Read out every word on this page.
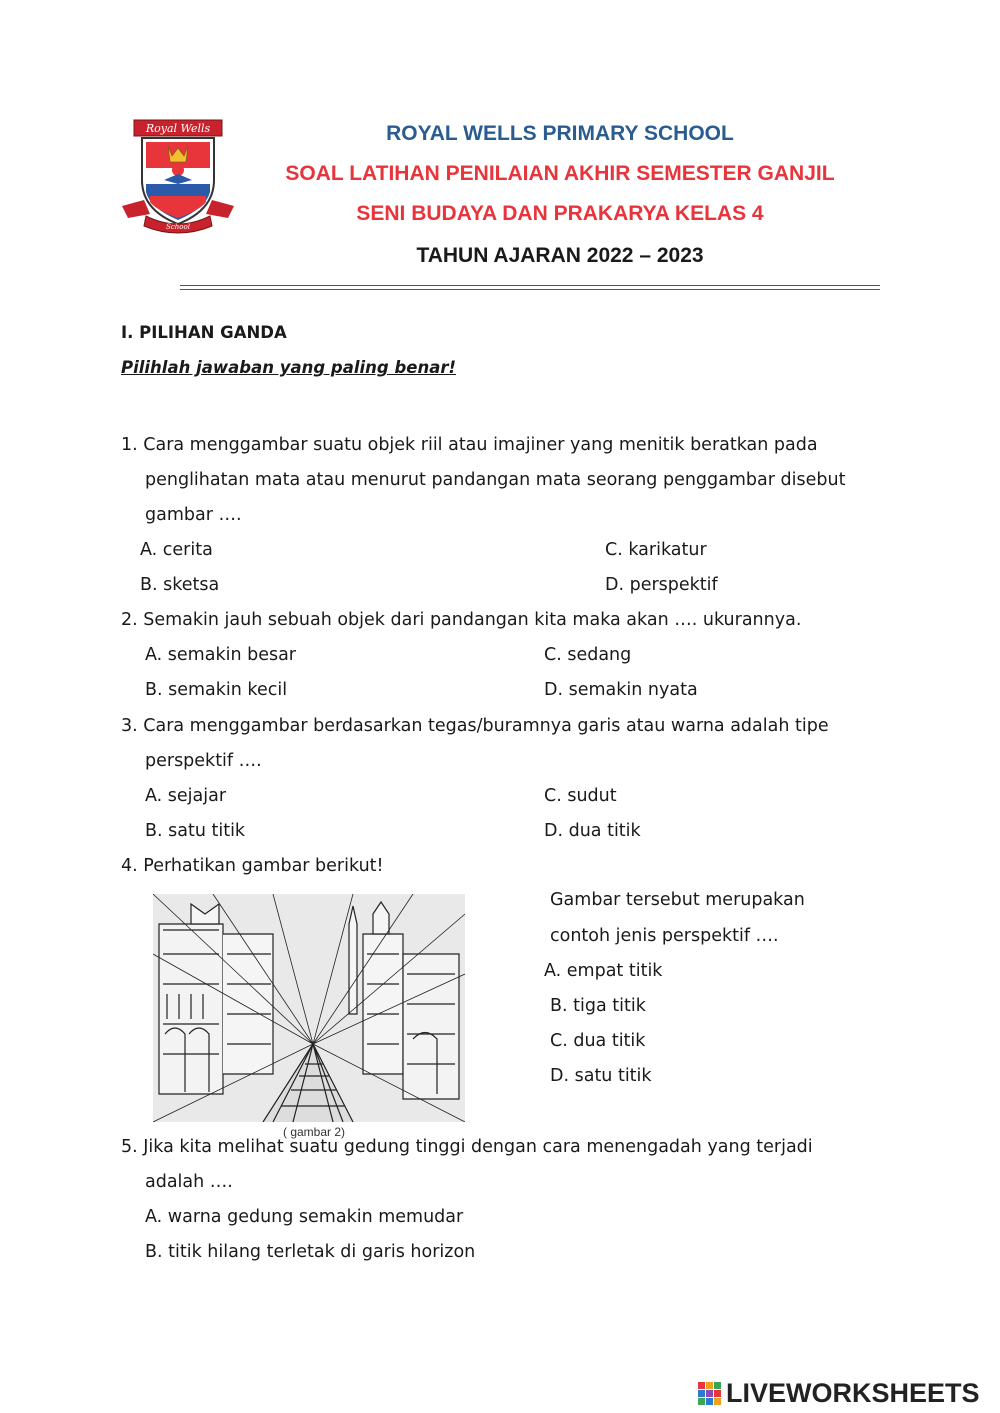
Royal Wells
School
ROYAL WELLS PRIMARY SCHOOL
SOAL LATIHAN PENILAIAN AKHIR SEMESTER GANJIL
SENI BUDAYA DAN PRAKARYA KELAS 4
TAHUN AJARAN 2022 – 2023
I. PILIHAN GANDA
Pilihlah jawaban yang paling benar!
1. Cara menggambar suatu objek riil atau imajiner yang menitik beratkan pada
penglihatan mata atau menurut pandangan mata seorang penggambar disebut
gambar ….
A. cerita	C. karikatur
B. sketsa	D. perspektif
2. Semakin jauh sebuah objek dari pandangan kita maka akan …. ukurannya.
A. semakin besar	C. sedang
B. semakin kecil	D. semakin nyata
3. Cara menggambar berdasarkan tegas/buramnya garis atau warna adalah tipe
perspektif ….
A. sejajar	C. sudut
B. satu titik	D. dua titik
4. Perhatikan gambar berikut!
( gambar 2)
Gambar tersebut merupakan
contoh jenis perspektif ….
A. empat titik
B. tiga titik
C. dua titik
D. satu titik
5. Jika kita melihat suatu gedung tinggi dengan cara menengadah yang terjadi
adalah ….
A. warna gedung semakin memudar
B. titik hilang terletak di garis horizon
LIVEWORKSHEETS
